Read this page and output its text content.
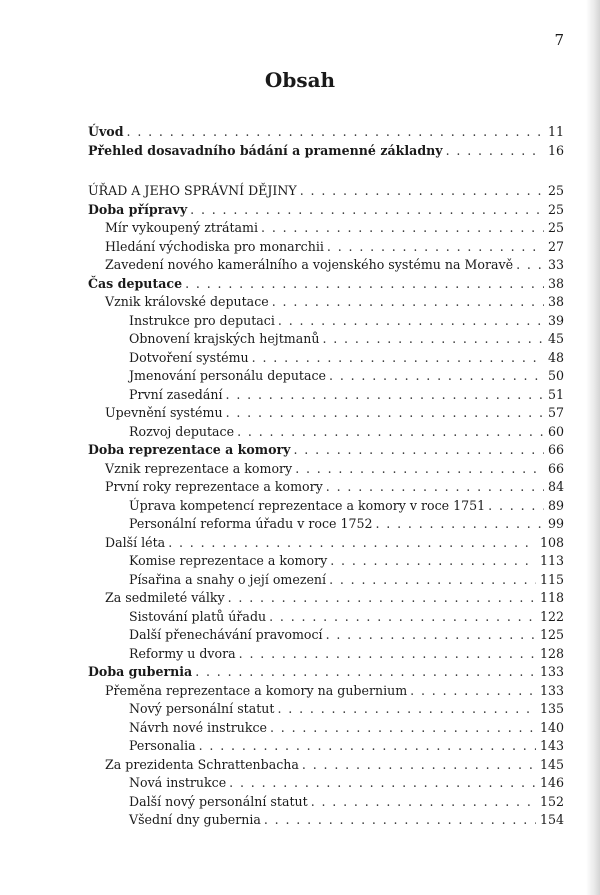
7
Obsah
Úvod . . .	11
Přehled dosavadního bádání a pramenné základny . . .	16
ÚŘAD A JEHO SPRÁVNÍ DĚJINY . . .	25
Doba přípravy . . .	25
Mír vykoupený ztrátami . . .	25
Hledání východiska pro monarchii . . .	27
Zavedení nového kamerálního a vojenského systému na Moravě . . .	33
Čas deputace . . .	38
Vznik královské deputace . . .	38
Instrukce pro deputaci . . .	39
Obnovení krajských hejtmanů . . .	45
Dotvoření systému . . .	48
Jmenování personálu deputace . . .	50
První zasedání . . .	51
Upevnění systému . . .	57
Rozvoj deputace . . .	60
Doba reprezentace a komory . . .	66
Vznik reprezentace a komory . . .	66
První roky reprezentace a komory . . .	84
Úprava kompetencí reprezentace a komory v roce 1751 . . .	89
Personální reforma úřadu v roce 1752 . . .	99
Další léta . . .	108
Komise reprezentace a komory . . .	113
Písařina a snahy o její omezení . . .	115
Za sedmileté války . . .	118
Sistování platů úřadu . . .	122
Další přenechávání pravomocí . . .	125
Reformy u dvora . . .	128
Doba gubernia . . .	133
Přeměna reprezentace a komory na gubernium . . .	133
Nový personální statut . . .	135
Návrh nové instrukce . . .	140
Personalia . . .	143
Za prezidenta Schrattenbacha . . .	145
Nová instrukce . . .	146
Další nový personální statut . . .	152
Všední dny gubernia . . .	154
